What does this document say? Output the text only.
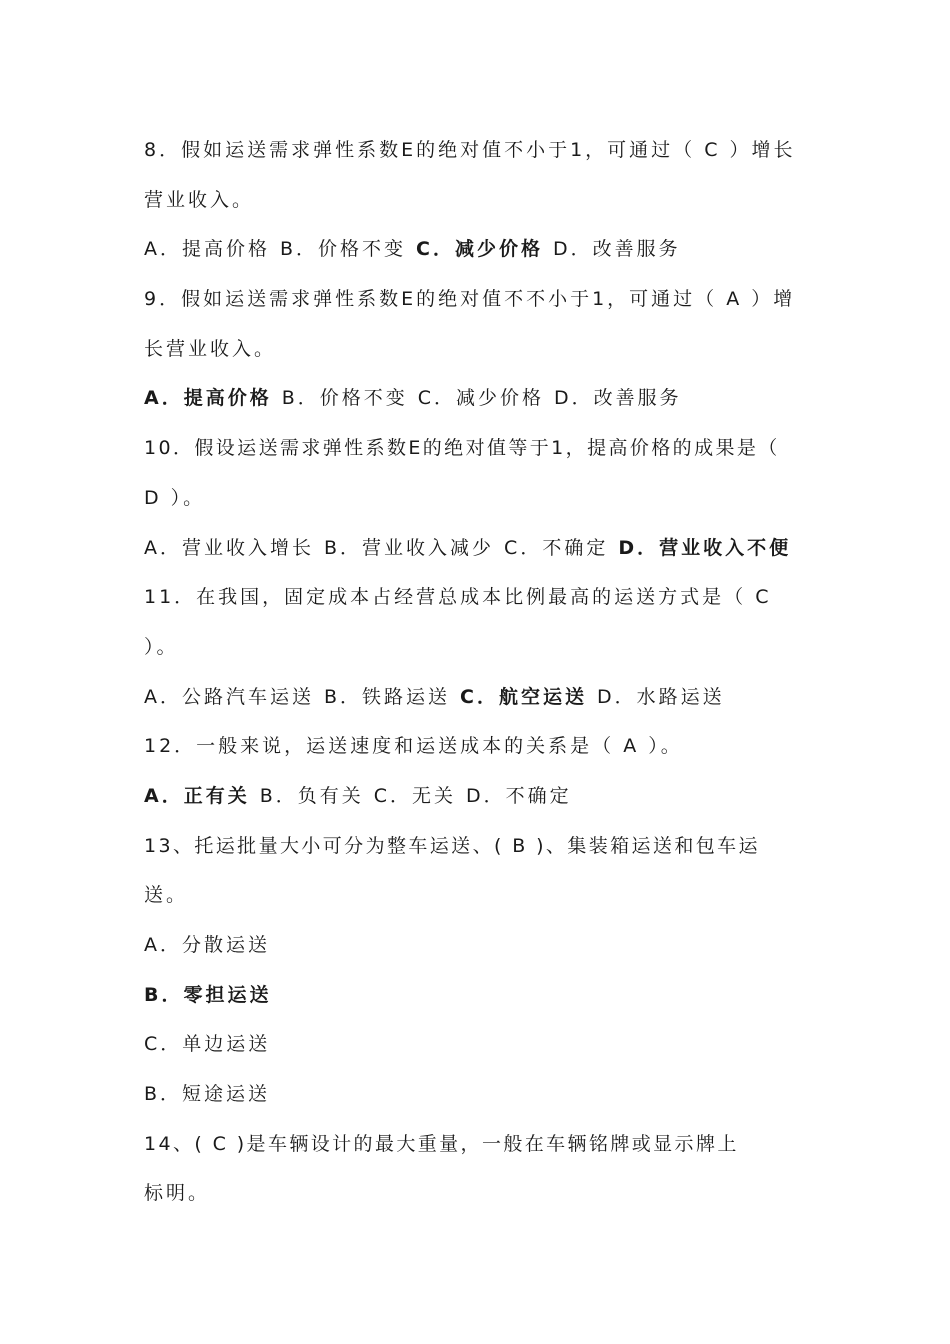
8．假如运送需求弹性系数E的绝对值不小于1，可通过（ C ）增长
营业收入。
A．提高价格 B．价格不变 C．减少价格 D．改善服务
9．假如运送需求弹性系数E的绝对值不不小于1，可通过（ A ）增
长营业收入。
A．提高价格 B．价格不变 C．减少价格 D．改善服务
10．假设运送需求弹性系数E的绝对值等于1，提高价格的成果是（
D ）。
A．营业收入增长 B．营业收入减少 C．不确定 D．营业收入不便
11．在我国，固定成本占经营总成本比例最高的运送方式是（ C
）。
A．公路汽车运送 B．铁路运送 C．航空运送 D．水路运送
12．一般来说，运送速度和运送成本的关系是（ A ）。
A．正有关 B．负有关 C．无关 D．不确定
13、托运批量大小可分为整车运送、( B )、集装箱运送和包车运
送。
A．分散运送
B．零担运送
C．单边运送
B．短途运送
14、( C )是车辆设计的最大重量，一般在车辆铭牌或显示牌上
标明。
